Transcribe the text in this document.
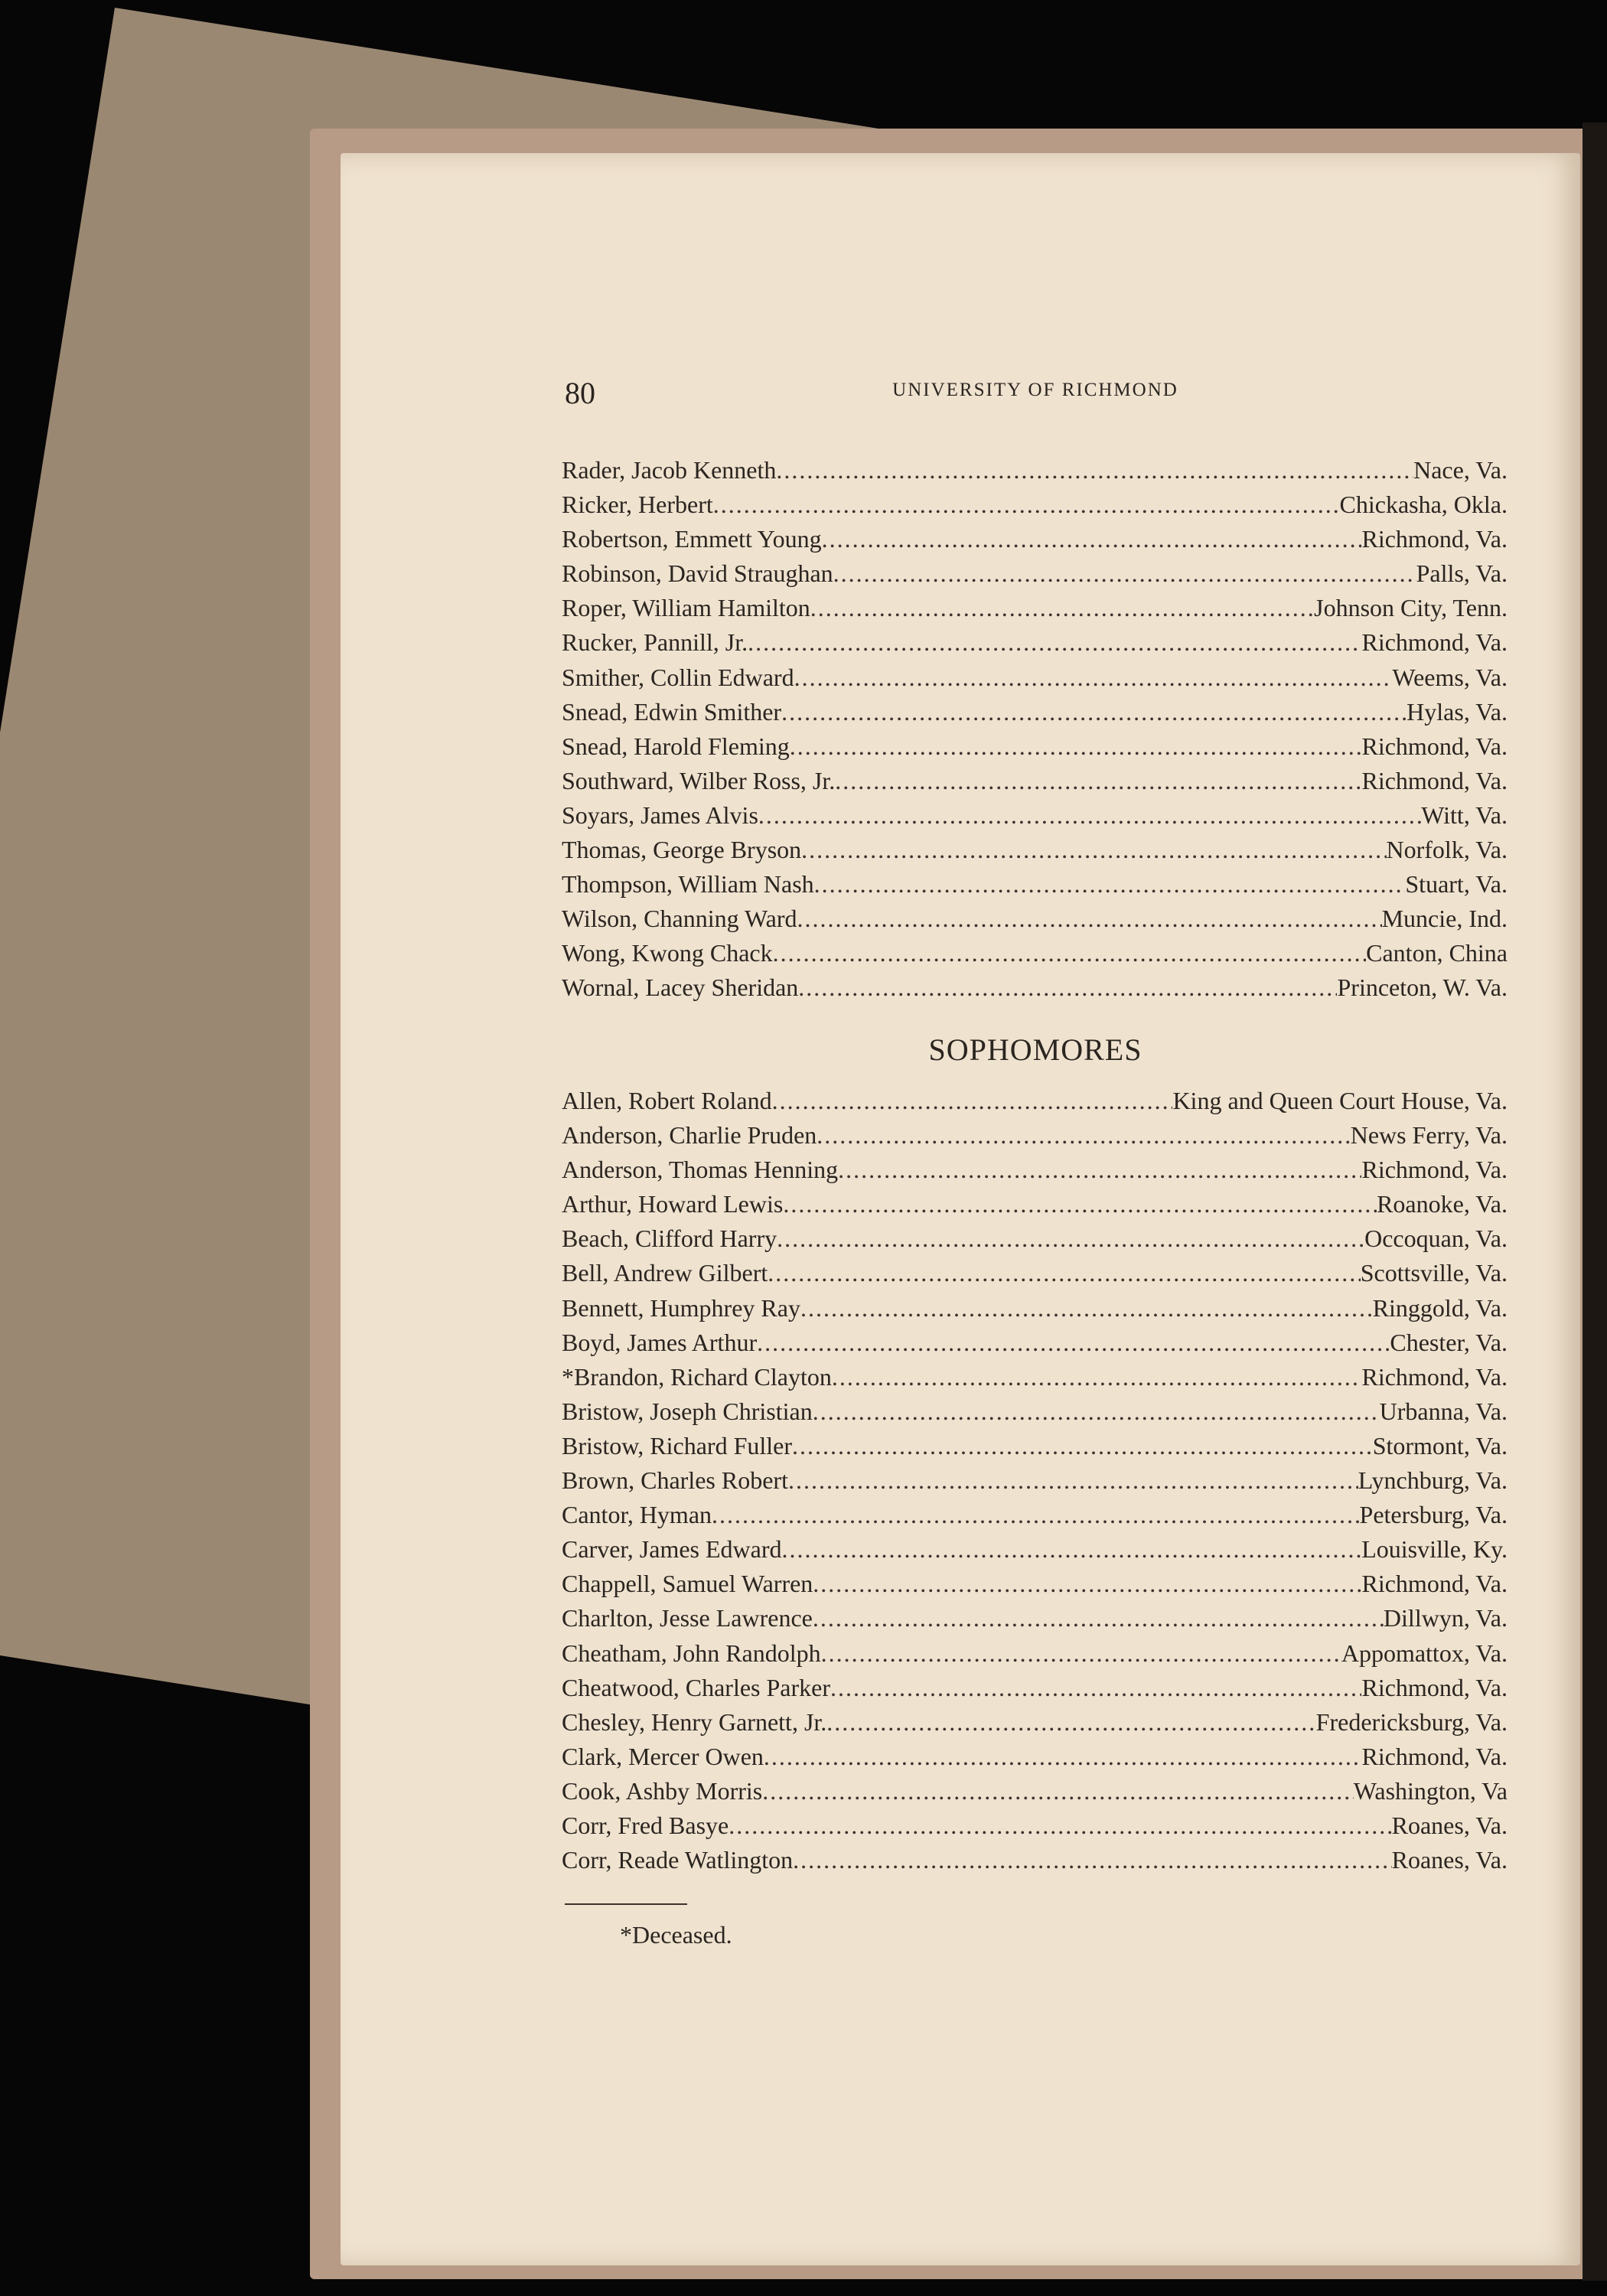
80	UNIVERSITY OF RICHMOND
Rader, Jacob Kenneth . . .	Nace, Va.
Ricker, Herbert . . .	Chickasha, Okla.
Robertson, Emmett Young . . .	Richmond, Va.
Robinson, David Straughan . . .	Palls, Va.
Roper, William Hamilton . . .	Johnson City, Tenn.
Rucker, Pannill, Jr. . . .	Richmond, Va.
Smither, Collin Edward . . .	Weems, Va.
Snead, Edwin Smither . . .	Hylas, Va.
Snead, Harold Fleming . . .	Richmond, Va.
Southward, Wilber Ross, Jr. . . .	Richmond, Va.
Soyars, James Alvis . . .	Witt, Va.
Thomas, George Bryson . . .	Norfolk, Va.
Thompson, William Nash . . .	Stuart, Va.
Wilson, Channing Ward . . .	Muncie, Ind.
Wong, Kwong Chack . . .	Canton, China
Wornal, Lacey Sheridan . . .	Princeton, W. Va.
SOPHOMORES
Allen, Robert Roland . . .	King and Queen Court House, Va.
Anderson, Charlie Pruden . . .	News Ferry, Va.
Anderson, Thomas Henning . . .	Richmond, Va.
Arthur, Howard Lewis . . .	Roanoke, Va.
Beach, Clifford Harry . . .	Occoquan, Va.
Bell, Andrew Gilbert . . .	Scottsville, Va.
Bennett, Humphrey Ray . . .	Ringgold, Va.
Boyd, James Arthur . . .	Chester, Va.
*Brandon, Richard Clayton . . .	Richmond, Va.
Bristow, Joseph Christian . . .	Urbanna, Va.
Bristow, Richard Fuller . . .	Stormont, Va.
Brown, Charles Robert . . .	Lynchburg, Va.
Cantor, Hyman . . .	Petersburg, Va.
Carver, James Edward . . .	Louisville, Ky.
Chappell, Samuel Warren . . .	Richmond, Va.
Charlton, Jesse Lawrence . . .	Dillwyn, Va.
Cheatham, John Randolph . . .	Appomattox, Va.
Cheatwood, Charles Parker . . .	Richmond, Va.
Chesley, Henry Garnett, Jr. . . .	Fredericksburg, Va.
Clark, Mercer Owen . . .	Richmond, Va.
Cook, Ashby Morris . . .	Washington, Va
Corr, Fred Basye . . .	Roanes, Va.
Corr, Reade Watlington . . .	Roanes, Va.
*Deceased.
